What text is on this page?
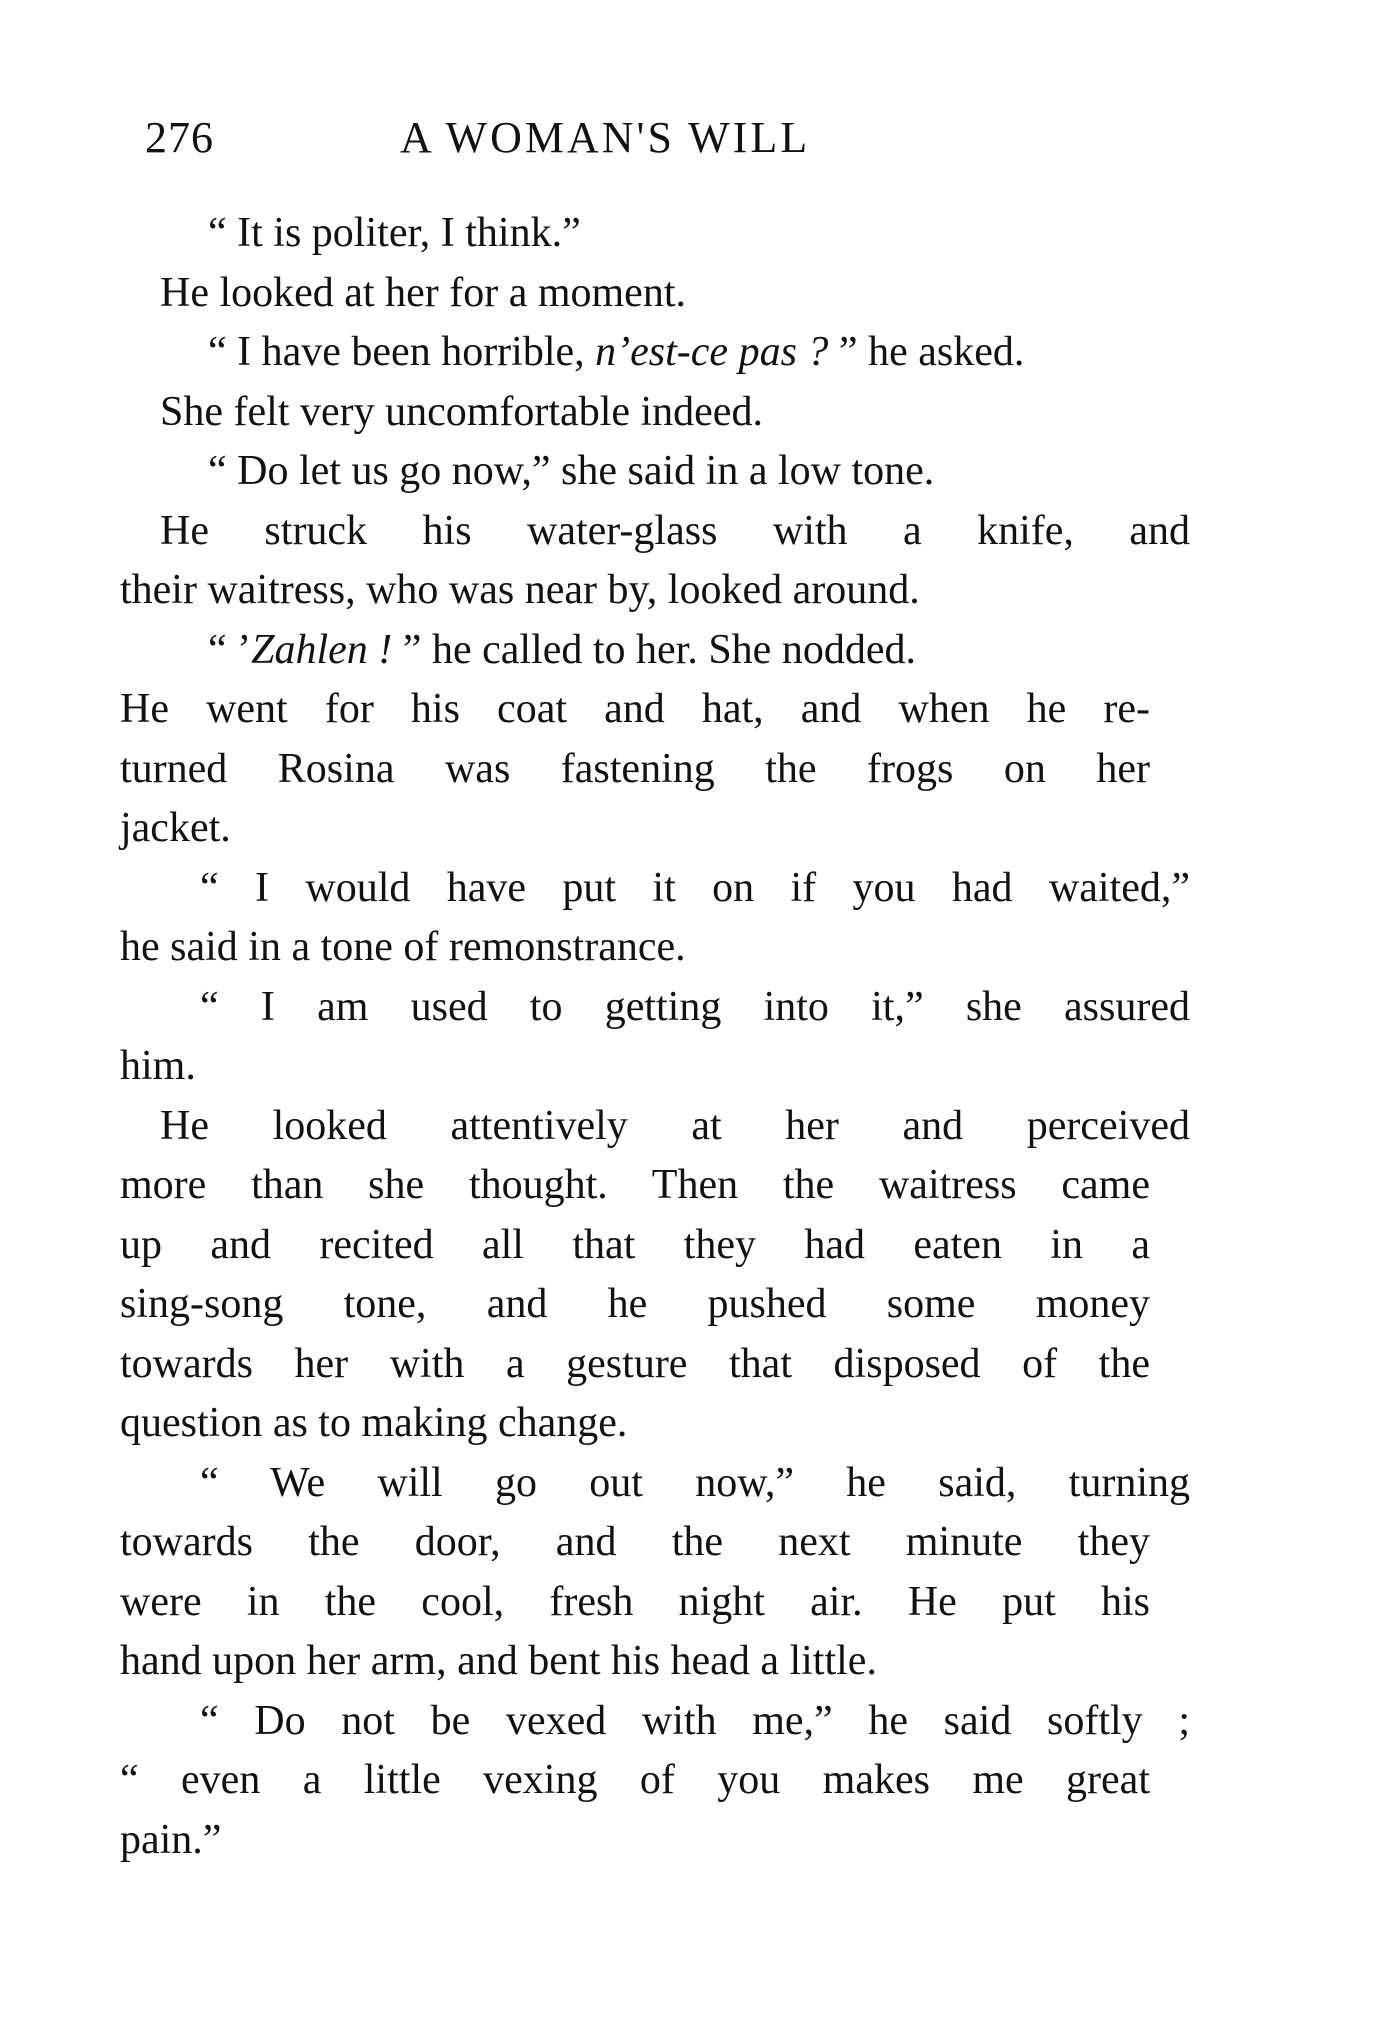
276	A WOMAN'S WILL
“ It is politer, I think.”
He looked at her for a moment.
“ I have been horrible, n’est-ce pas ? ” he asked.
She felt very uncomfortable indeed.
“ Do let us go now,” she said in a low tone.
He struck his water-glass with a knife, and
their waitress, who was near by, looked around.
“ ’Zahlen ! ” he called to her. She nodded.
He went for his coat and hat, and when he re-
turned Rosina was fastening the frogs on her
jacket.
“ I would have put it on if you had waited,”
he said in a tone of remonstrance.
“ I am used to getting into it,” she assured
him.
He looked attentively at her and perceived
more than she thought. Then the waitress came
up and recited all that they had eaten in a
sing-song tone, and he pushed some money
towards her with a gesture that disposed of the
question as to making change.
“ We will go out now,” he said, turning
towards the door, and the next minute they
were in the cool, fresh night air. He put his
hand upon her arm, and bent his head a little.
“ Do not be vexed with me,” he said softly ;
“ even a little vexing of you makes me great
pain.”
